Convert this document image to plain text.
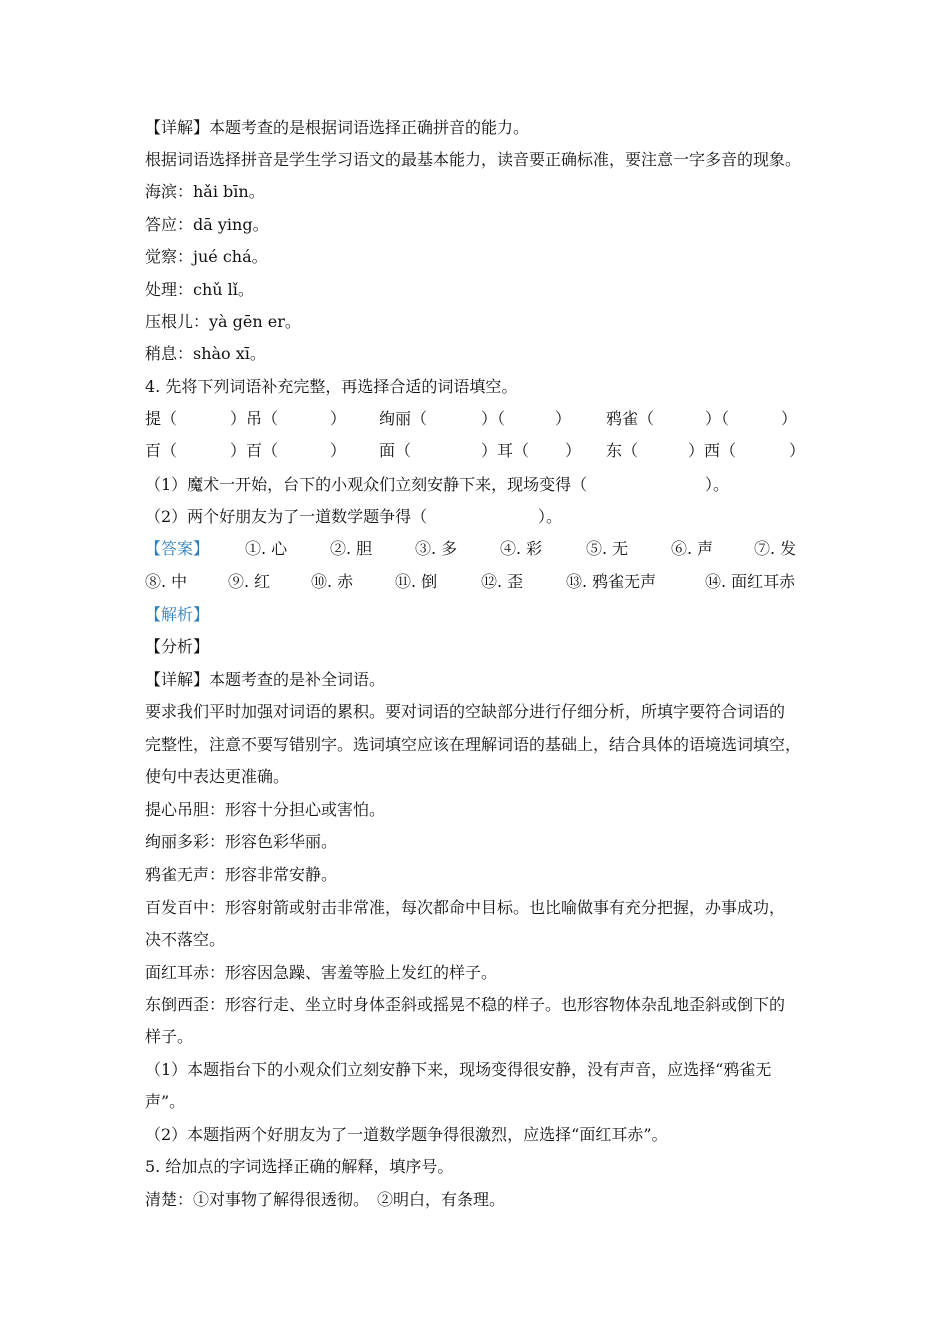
【详解】本题考查的是根据词语选择正确拼音的能力。
根据词语选择拼音是学生学习语文的最基本能力，读音要正确标准，要注意一字多音的现象。
海滨：hǎi bīn。
答应：dā ying。
觉察：jué chá。
处理：chǔ lǐ。
压根儿：yà gēn er。
稍息：shào xī。
4. 先将下列词语补充完整，再选择合适的词语填空。
提（	）吊（	） 绚丽（	）（	） 鸦雀（	）（	）
百（	）百（	） 面（	）耳（ ） 东（	）西（	）
（1）魔术一开始，台下的小观众们立刻安静下来，现场变得（	）。
（2）两个好朋友为了一道数学题争得（	）。
【答案】 ①. 心	②. 胆	③. 多	④. 彩	⑤. 无	⑥. 声	⑦. 发
⑧. 中	⑨. 红	⑩. 赤	⑪. 倒	⑫. 歪	⑬. 鸦雀无声	⑭. 面红耳赤
【解析】
【分析】
【详解】本题考查的是补全词语。
要求我们平时加强对词语的累积。要对词语的空缺部分进行仔细分析，所填字要符合词语的
完整性，注意不要写错别字。选词填空应该在理解词语的基础上，结合具体的语境选词填空，
使句中表达更准确。
提心吊胆：形容十分担心或害怕。
绚丽多彩：形容色彩华丽。
鸦雀无声：形容非常安静。
百发百中：形容射箭或射击非常准，每次都命中目标。也比喻做事有充分把握，办事成功，
决不落空。
面红耳赤：形容因急躁、害羞等脸上发红的样子。
东倒西歪：形容行走、坐立时身体歪斜或摇晃不稳的样子。也形容物体杂乱地歪斜或倒下的
样子。
（1）本题指台下的小观众们立刻安静下来，现场变得很安静，没有声音，应选择“鸦雀无
声”。
（2）本题指两个好朋友为了一道数学题争得很激烈，应选择“面红耳赤”。
5. 给加点的字词选择正确的解释，填序号。
清楚：①对事物了解得很透彻。　②明白，有条理。
